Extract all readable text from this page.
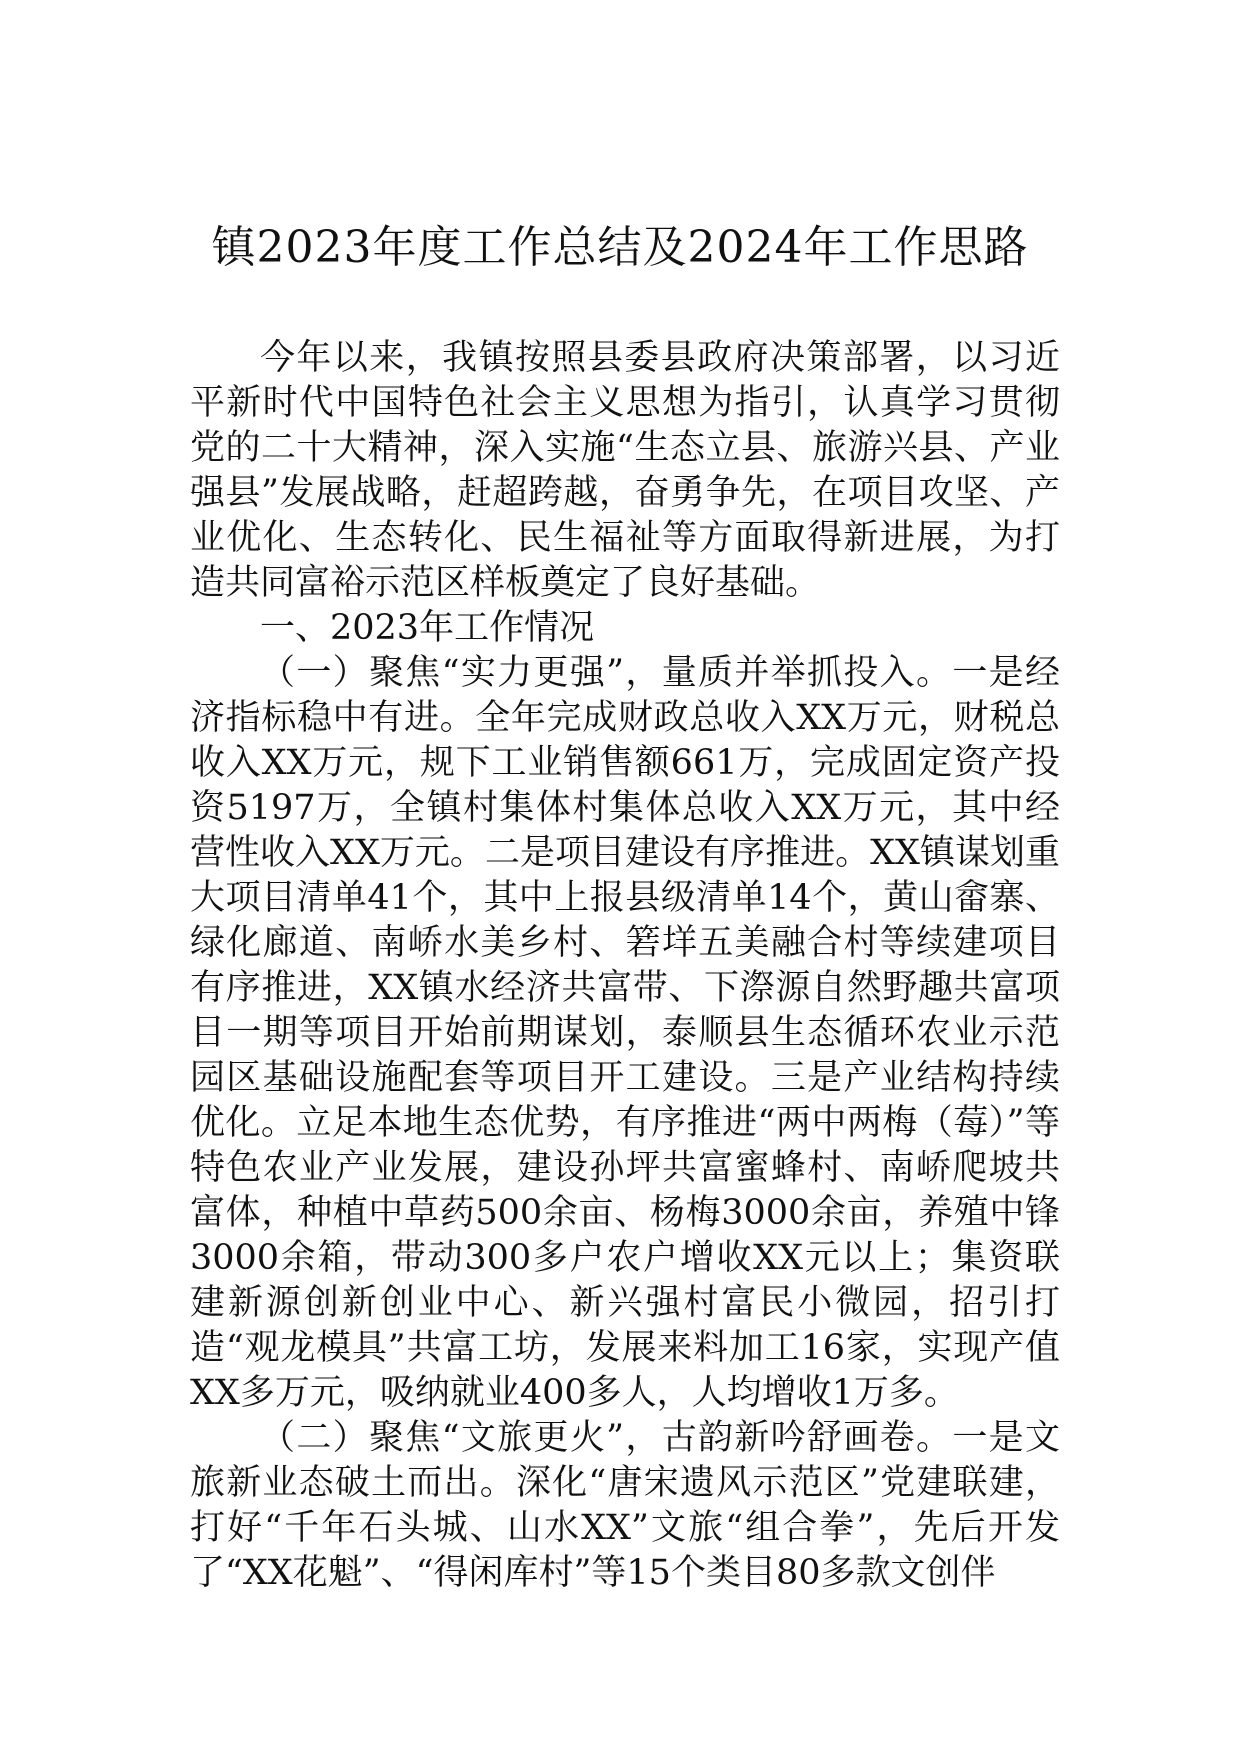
镇2023年度工作总结及2024年工作思路

今年以来，我镇按照县委县政府决策部署，以习近平新时代中国特色社会主义思想为指引，认真学习贯彻党的二十大精神，深入实施“生态立县、旅游兴县、产业强县”发展战略，赶超跨越，奋勇争先，在项目攻坚、产业优化、生态转化、民生福祉等方面取得新进展，为打造共同富裕示范区样板奠定了良好基础。

一、2023年工作情况

（一）聚焦“实力更强”，量质并举抓投入。一是经济指标稳中有进。全年完成财政总收入XX万元，财税总收入XX万元，规下工业销售额661万，完成固定资产投资5197万，全镇村集体村集体总收入XX万元，其中经营性收入XX万元。二是项目建设有序推进。XX镇谋划重大项目清单41个，其中上报县级清单14个，黄山畲寨、绿化廊道、南峤水美乡村、箬垟五美融合村等续建项目有序推进，XX镇水经济共富带、下漈源自然野趣共富项目一期等项目开始前期谋划，泰顺县生态循环农业示范园区基础设施配套等项目开工建设。三是产业结构持续优化。立足本地生态优势，有序推进“两中两梅（莓）”等特色农业产业发展，建设孙坪共富蜜蜂村、南峤爬坡共富体，种植中草药500余亩、杨梅3000余亩，养殖中锋3000余箱，带动300多户农户增收XX元以上；集资联建新源创新创业中心、新兴强村富民小微园，招引打造“观龙模具”共富工坊，发展来料加工16家，实现产值XX多万元，吸纳就业400多人，人均增收1万多。

（二）聚焦“文旅更火”，古韵新吟舒画卷。一是文旅新业态破土而出。深化“唐宋遗风示范区”党建联建，打好“千年石头城、山水XX”文旅“组合拳”，先后开发了“XX花魁”、“得闲库村”等15个类目80多款文创伴
